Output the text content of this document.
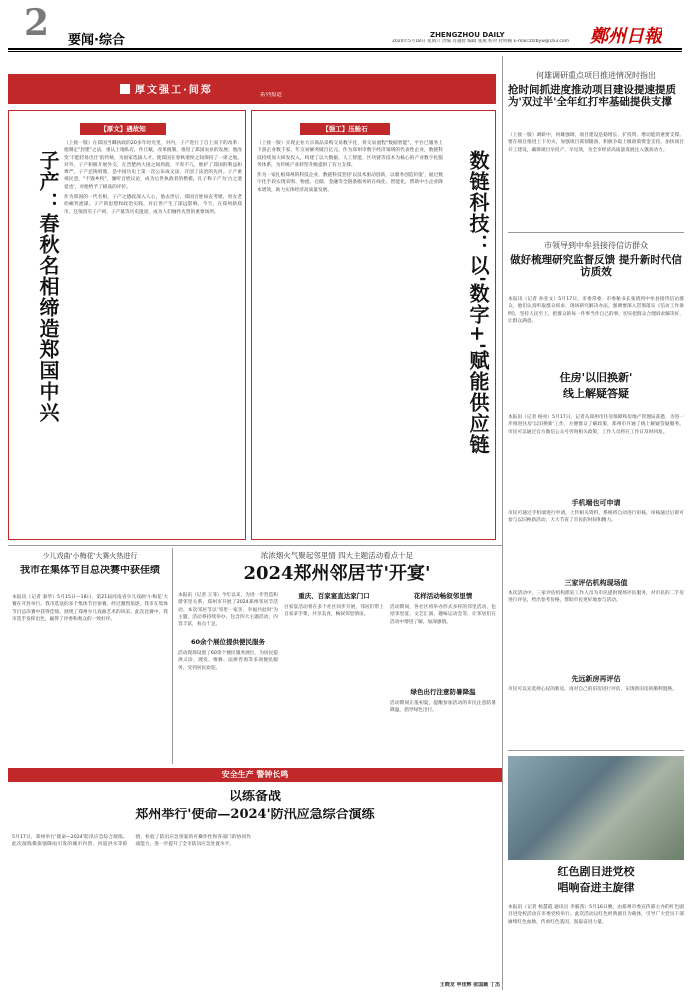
2 要闻·综合	ZHENGZHOU DAILY	鄭州日報
2024年5月18日 星期六 责编 肖越智 编辑 张燕 校对 杜明楠 E-mail:zzrbyw@163.com
厚文强工·间郑	系列报道
【厚文】遇故知
子产：春秋名相缔造郑国中兴

（上接一版）在郑国当卿执政的20多年时光里，对内，子产进行了自上而下的改革：他制定"封建"之法，重认土地私有，作丘赋，改革税制，推进了郑国农业的发展；他改变'不能轻易出仕'的传统，为国家选拔人才。使郑国在春秋诸侯之间保持了一席之地。对外，子产积极开展外交，在晋楚两大国之间周旋，不卑不亢，维护了郑国的利益和尊严。子产还铸刑鼎，是中国历史上第一次公布成文法，开创了法治的先河。子产重视民意，"不毁乡校"，倾听百姓议论，成为后世执政者的楷模。孔子称子产为'古之遗爱也'，对他给予了极高的评价。

作为郑国的一代名相，子产之德政深入人心，他去世后，郑国百姓如丧考妣，男女老幼痛哭流涕。子产的思想和政治实践，对后世产生了深远影响。今天，在郑州新郑市，还保留有子产祠、子产墓等历史遗迹，成为人们缅怀先贤的重要场所。

【强工】压舱石

（上接一版）实现企业大宗商品采购交易数字化，将交易流程"数据智能"，平台已服务上下游企业数千家，年交易额突破百亿元。作为郑州市数字经济领域的代表性企业，数链科技持续加大研发投入，构建了以大数据、人工智能、区块链等技术为核心的产业数字化服务体系，为传统产业转型升级提供了有力支撑。

作为一家扎根郑州的科技企业，数链科技坚持'以技术驱动创新，以服务创造价值'，通过数字化手段实现采购、物流、仓储、金融等全链条服务的在线化、智能化，帮助中小企业降本增效，助力实体经济高质量发展。	数链科技：以'数字+'赋能供应链
何雄调研重点项目推进情况时指出
抢时间抓进度推动项目建设提速提质 为'双过半'全年红打牢基础提供支撑
（上接一版）调研中，何雄强调，项目建设是稳增长、扩投资、增动能的重要支撑。要在项目推进上下功夫，加强项目谋划储备，积极争取上级政策资金支持，加快项目开工建设，确保项目早投产、早见效，为全市经济高质量发展注入强劲动力。
市领导到中牟县接待信访群众
做好梳理研究监督反馈 提升新时代信访质效
本报讯（记者 孙亚文）5月17日，市委常委、市委秘书长张倩到中牟县接待信访群众。他们认真听取群众诉求，现场研究解决办法。强调要深入贯彻落实《信访工作条例》，坚持人民至上，把群众的每一件事当作自己的事，切实把群众合理诉求解决好，让群众满意。
住房'以旧换新'
线上解疑答疑
本报讯（记者 杨亮）5月17日，记者从郑州市住房保障和房地产管理局获悉，为进一步推进住房'以旧换新'工作，方便群众了解政策，郑州市开通了线上解疑答疑服务。市民可以通过官方微信公众号咨询相关政策，工作人员将在工作日及时回复。
手机端也可申请
市民可通过手机端进行申请，上传相关资料，系统将自动进行审核，审核通过后即可参与以旧换新活动，大大节省了市民的时间和精力。
三家评估机构现场值
本次活动中，三家评估机构派驻工作人员为市民提供现场评估服务，对市民的二手房进行评估，给出参考价格，帮助市民更好地参与活动。
先远新房再评估
市民可以先选择心仪的新房，再对自己的旧房进行评估，实现新旧房的顺利置换。
少儿戏曲'小梅花'大赛火热进行
我市在集体节目总决赛中获佳绩
本报讯（记者 秦华）5月15日—18日，第21届河南省少儿戏曲'小梅花'大赛在开封举行。我市选送的多个集体节目参赛，经过激烈角逐，我市在集体节目总决赛中获得佳绩，展现了郑州少儿戏曲艺术的风采。此次比赛中，我市选手发挥出色，赢得了评委和观众的一致好评。
浓浓烟火气聚起邻里情 四大主题活动看点十足
2024郑州邻居节'开宴'
本报讯（记者 王菲）今年以来，为进一步营造和谐邻里关系，郑州市开展了2024郑州邻居节活动。本次邻居节以'邻里一家亲，幸福共此时'为主题，活动将持续举办，包含四大主题活动，内容丰富，看点十足。
60余个展位提供便民服务
活动现场设置了60余个便民服务展位，为居民提供义诊、理发、维修、法律咨询等多项便民服务，受到居民欢迎。
重庆、百家宴直达家门口
百家宴活动将在多个社区同步开展，邻居们带上自家拿手菜，共享美食，畅叙邻里情谊。
花样活动畅叙邻里情
活动期间，各社区将举办形式多样的邻里活动，包括邻里宴、文艺汇演、趣味运动会等，让邻居们在活动中增进了解，加深感情。
绿色出行注意防暑降温
活动期间正值初夏，提醒参加活动的市民注意防暑降温，倡导绿色出行。
安全生产 警钟长鸣
以练备战
郑州举行'使命—2024'防汛应急综合演练

5月17日，郑州举行'使命—2024'防汛应急综合演练。此次演练模拟强降雨引发的城市内涝、河道洪水等险情，检验了防汛应急预案的可操作性和各部门的协同作战能力，进一步提升了全市防汛应急处置水平。

王晓龙 申佳辉 张国颖 丁杰
红色剧目进党校
唱响奋进主旋律
本报讯（记者 杨慧霞 通讯员 李毅茜）5月16日晚，由郑州市委宣传部主办的红色剧目进党校活动在市委党校举行。此次活动以红色经典剧目为载体，引导广大党员干部赓续红色血脉，传承红色基因，汲取奋进力量。
